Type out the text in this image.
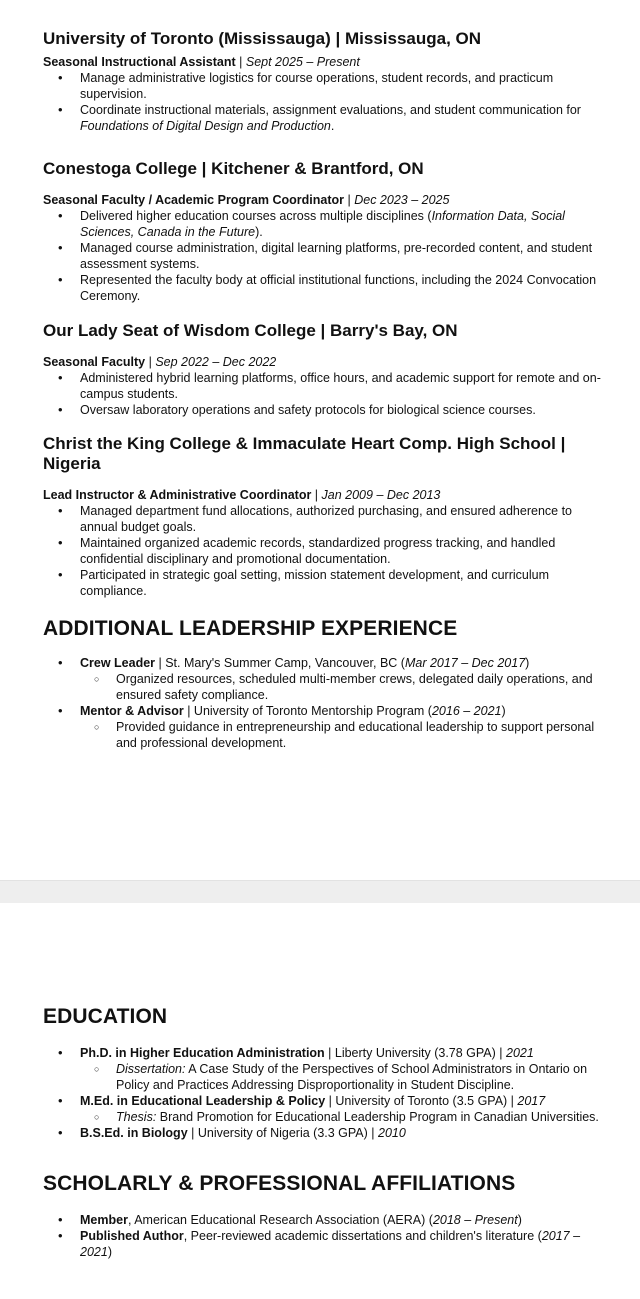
University of Toronto (Mississauga) | Mississauga, ON

Seasonal Instructional Assistant | Sept 2025 – Present

• Manage administrative logistics for course operations, student records, and practicum supervision.
• Coordinate instructional materials, assignment evaluations, and student communication for Foundations of Digital Design and Production.

Conestoga College | Kitchener & Brantford, ON

Seasonal Faculty / Academic Program Coordinator | Dec 2023 – 2025

• Delivered higher education courses across multiple disciplines (Information Data, Social Sciences, Canada in the Future).
• Managed course administration, digital learning platforms, pre-recorded content, and student assessment systems.
• Represented the faculty body at official institutional functions, including the 2024 Convocation Ceremony.

Our Lady Seat of Wisdom College | Barry's Bay, ON

Seasonal Faculty | Sep 2022 – Dec 2022

• Administered hybrid learning platforms, office hours, and academic support for remote and on-campus students.
• Oversaw laboratory operations and safety protocols for biological science courses.

Christ the King College & Immaculate Heart Comp. High School | Nigeria

Lead Instructor & Administrative Coordinator | Jan 2009 – Dec 2013

• Managed department fund allocations, authorized purchasing, and ensured adherence to annual budget goals.
• Maintained organized academic records, standardized progress tracking, and handled confidential disciplinary and promotional documentation.
• Participated in strategic goal setting, mission statement development, and curriculum compliance.

ADDITIONAL LEADERSHIP EXPERIENCE

• Crew Leader | St. Mary's Summer Camp, Vancouver, BC (Mar 2017 – Dec 2017)
○ Organized resources, scheduled multi-member crews, delegated daily operations, and ensured safety compliance.
• Mentor & Advisor | University of Toronto Mentorship Program (2016 – 2021)
○ Provided guidance in entrepreneurship and educational leadership to support personal and professional development.

EDUCATION

• Ph.D. in Higher Education Administration | Liberty University (3.78 GPA) | 2021
○ Dissertation: A Case Study of the Perspectives of School Administrators in Ontario on Policy and Practices Addressing Disproportionality in Student Discipline.
• M.Ed. in Educational Leadership & Policy | University of Toronto (3.5 GPA) | 2017
○ Thesis: Brand Promotion for Educational Leadership Program in Canadian Universities.
• B.S.Ed. in Biology | University of Nigeria (3.3 GPA) | 2010

SCHOLARLY & PROFESSIONAL AFFILIATIONS

• Member, American Educational Research Association (AERA) (2018 – Present)
• Published Author, Peer-reviewed academic dissertations and children's literature (2017 – 2021)
